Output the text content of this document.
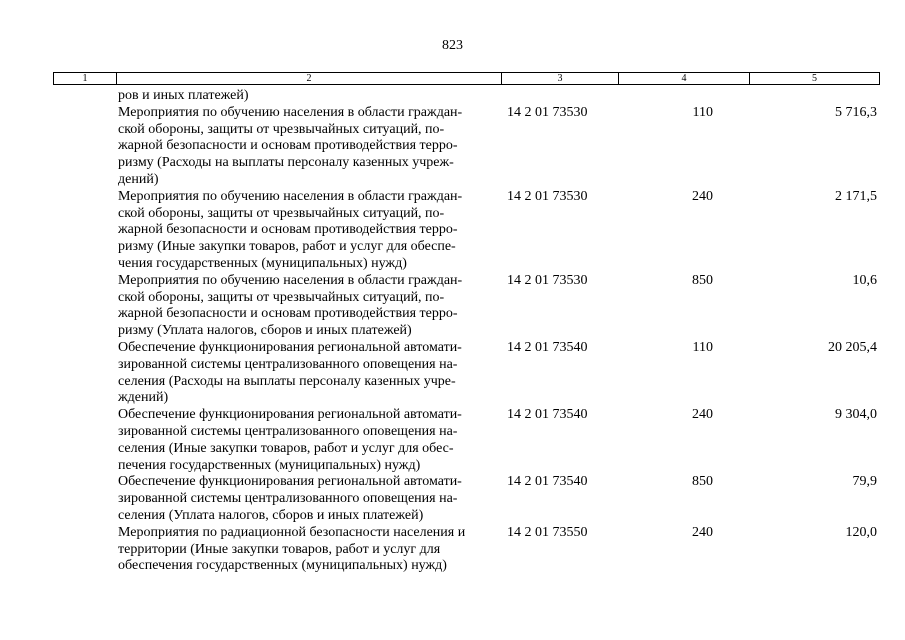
823
1	2	3	4	5
ров и иных платежей)
Мероприятия по обучению населения в области граждан-
ской обороны, защиты от чрезвычайных ситуаций, по-
жарной безопасности и основам противодействия терро-
ризму (Расходы на выплаты персоналу казенных учреж-
дений)
14 2 01 73530	110	5 716,3
Мероприятия по обучению населения в области граждан-
ской обороны, защиты от чрезвычайных ситуаций, по-
жарной безопасности и основам противодействия терро-
ризму (Иные закупки товаров, работ и услуг для обеспе-
чения государственных (муниципальных) нужд)
14 2 01 73530	240	2 171,5
Мероприятия по обучению населения в области граждан-
ской обороны, защиты от чрезвычайных ситуаций, по-
жарной безопасности и основам противодействия терро-
ризму (Уплата налогов, сборов и иных платежей)
14 2 01 73530	850	10,6
Обеспечение функционирования региональной автомати-
зированной системы централизованного оповещения на-
селения (Расходы на выплаты персоналу казенных учре-
ждений)
14 2 01 73540	110	20 205,4
Обеспечение функционирования региональной автомати-
зированной системы централизованного оповещения на-
селения (Иные закупки товаров, работ и услуг для обес-
печения государственных (муниципальных) нужд)
14 2 01 73540	240	9 304,0
Обеспечение функционирования региональной автомати-
зированной системы централизованного оповещения на-
селения (Уплата налогов, сборов и иных платежей)
14 2 01 73540	850	79,9
Мероприятия по радиационной безопасности населения и
территории (Иные закупки товаров, работ и услуг для
обеспечения государственных (муниципальных) нужд)
14 2 01 73550	240	120,0
